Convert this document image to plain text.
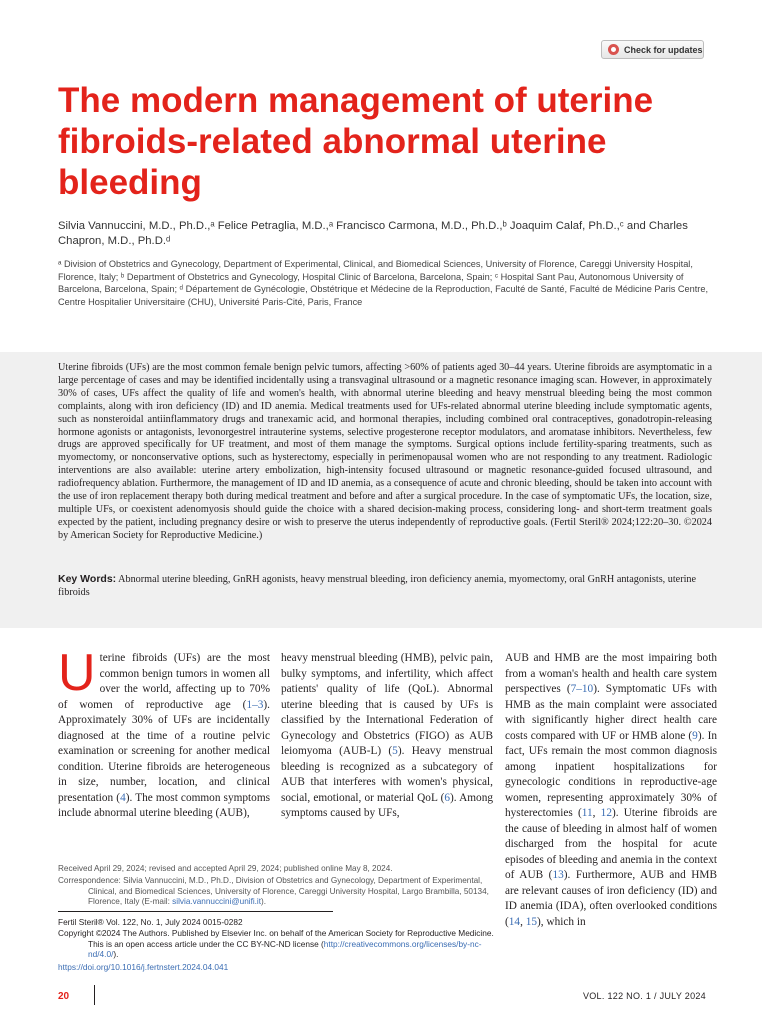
Check for updates
The modern management of uterine fibroids-related abnormal uterine bleeding
Silvia Vannuccini, M.D., Ph.D.,ᵃ Felice Petraglia, M.D.,ᵃ Francisco Carmona, M.D., Ph.D.,ᵇ Joaquim Calaf, Ph.D.,ᶜ and Charles Chapron, M.D., Ph.D.ᵈ
ᵃ Division of Obstetrics and Gynecology, Department of Experimental, Clinical, and Biomedical Sciences, University of Florence, Careggi University Hospital, Florence, Italy; ᵇ Department of Obstetrics and Gynecology, Hospital Clinic of Barcelona, Barcelona, Spain; ᶜ Hospital Sant Pau, Autonomous University of Barcelona, Barcelona, Spain; ᵈ Département de Gynécologie, Obstétrique et Médecine de la Reproduction, Faculté de Santé, Faculté de Médicine Paris Centre, Centre Hospitalier Universitaire (CHU), Université Paris-Cité, Paris, France

Uterine fibroids (UFs) are the most common female benign pelvic tumors, affecting >60% of patients aged 30–44 years. Uterine fibroids are asymptomatic in a large percentage of cases and may be identified incidentally using a transvaginal ultrasound or a magnetic resonance imaging scan. However, in approximately 30% of cases, UFs affect the quality of life and women's health, with abnormal uterine bleeding and heavy menstrual bleeding being the most common complaints, along with iron deficiency (ID) and ID anemia. Medical treatments used for UFs-related abnormal uterine bleeding include symptomatic agents, such as nonsteroidal antiinflammatory drugs and tranexamic acid, and hormonal therapies, including combined oral contraceptives, gonadotropin-releasing hormone agonists or antagonists, levonorgestrel intrauterine systems, selective progesterone receptor modulators, and aromatase inhibitors. Nevertheless, few drugs are approved specifically for UF treatment, and most of them manage the symptoms. Surgical options include fertility-sparing treatments, such as myomectomy, or nonconservative options, such as hysterectomy, especially in perimenopausal women who are not responding to any treatment. Radiologic interventions are also available: uterine artery embolization, high-intensity focused ultrasound or magnetic resonance-guided focused ultrasound, and radiofrequency ablation. Furthermore, the management of ID and ID anemia, as a consequence of acute and chronic bleeding, should be taken into account with the use of iron replacement therapy both during medical treatment and before and after a surgical procedure. In the case of symptomatic UFs, the location, size, multiple UFs, or coexistent adenomyosis should guide the choice with a shared decision-making process, considering long- and short-term treatment goals expected by the patient, including pregnancy desire or wish to preserve the uterus independently of reproductive goals. (Fertil Steril® 2024;122:20–30. ©2024 by American Society for Reproductive Medicine.)

Key Words: Abnormal uterine bleeding, GnRH agonists, heavy menstrual bleeding, iron deficiency anemia, myomectomy, oral GnRH antagonists, uterine fibroids

Uterine fibroids (UFs) are the most common benign tumors in women all over the world, affecting up to 70% of women of reproductive age (1–3). Approximately 30% of UFs are incidentally diagnosed at the time of a routine pelvic examination or screening for another medical condition. Uterine fibroids are heterogeneous in size, number, location, and clinical presentation (4). The most common symptoms include abnormal uterine bleeding (AUB),

heavy menstrual bleeding (HMB), pelvic pain, bulky symptoms, and infertility, which affect patients' quality of life (QoL). Abnormal uterine bleeding that is caused by UFs is classified by the International Federation of Gynecology and Obstetrics (FIGO) as AUB leiomyoma (AUB-L) (5). Heavy menstrual bleeding is recognized as a subcategory of AUB that interferes with women's physical, social, emotional, or material QoL (6). Among symptoms caused by UFs,

AUB and HMB are the most impairing both from a woman's health and health care system perspectives (7–10). Symptomatic UFs with HMB as the main complaint were associated with significantly higher direct health care costs compared with UF or HMB alone (9). In fact, UFs remain the most common diagnosis among inpatient hospitalizations for gynecologic conditions in reproductive-age women, representing approximately 30% of hysterectomies (11, 12). Uterine fibroids are the cause of bleeding in almost half of women discharged from the hospital for acute episodes of bleeding and anemia in the context of AUB (13). Furthermore, AUB and HMB are relevant causes of iron deficiency (ID) and ID anemia (IDA), often overlooked conditions (14, 15), which in

Received April 29, 2024; revised and accepted April 29, 2024; published online May 8, 2024.

Correspondence: Silvia Vannuccini, M.D., Ph.D., Division of Obstetrics and Gynecology, Department of Experimental, Clinical, and Biomedical Sciences, University of Florence, Careggi University Hospital, Largo Brambilla, 50134, Florence, Italy (E-mail: silvia.vannuccini@unifi.it).

Fertil Steril® Vol. 122, No. 1, July 2024 0015-0282

Copyright ©2024 The Authors. Published by Elsevier Inc. on behalf of the American Society for Reproductive Medicine. This is an open access article under the CC BY-NC-ND license (http://creativecommons.org/licenses/by-nc-nd/4.0/).

https://doi.org/10.1016/j.fertnstert.2024.04.041

20	VOL. 122 NO. 1 / JULY 2024
